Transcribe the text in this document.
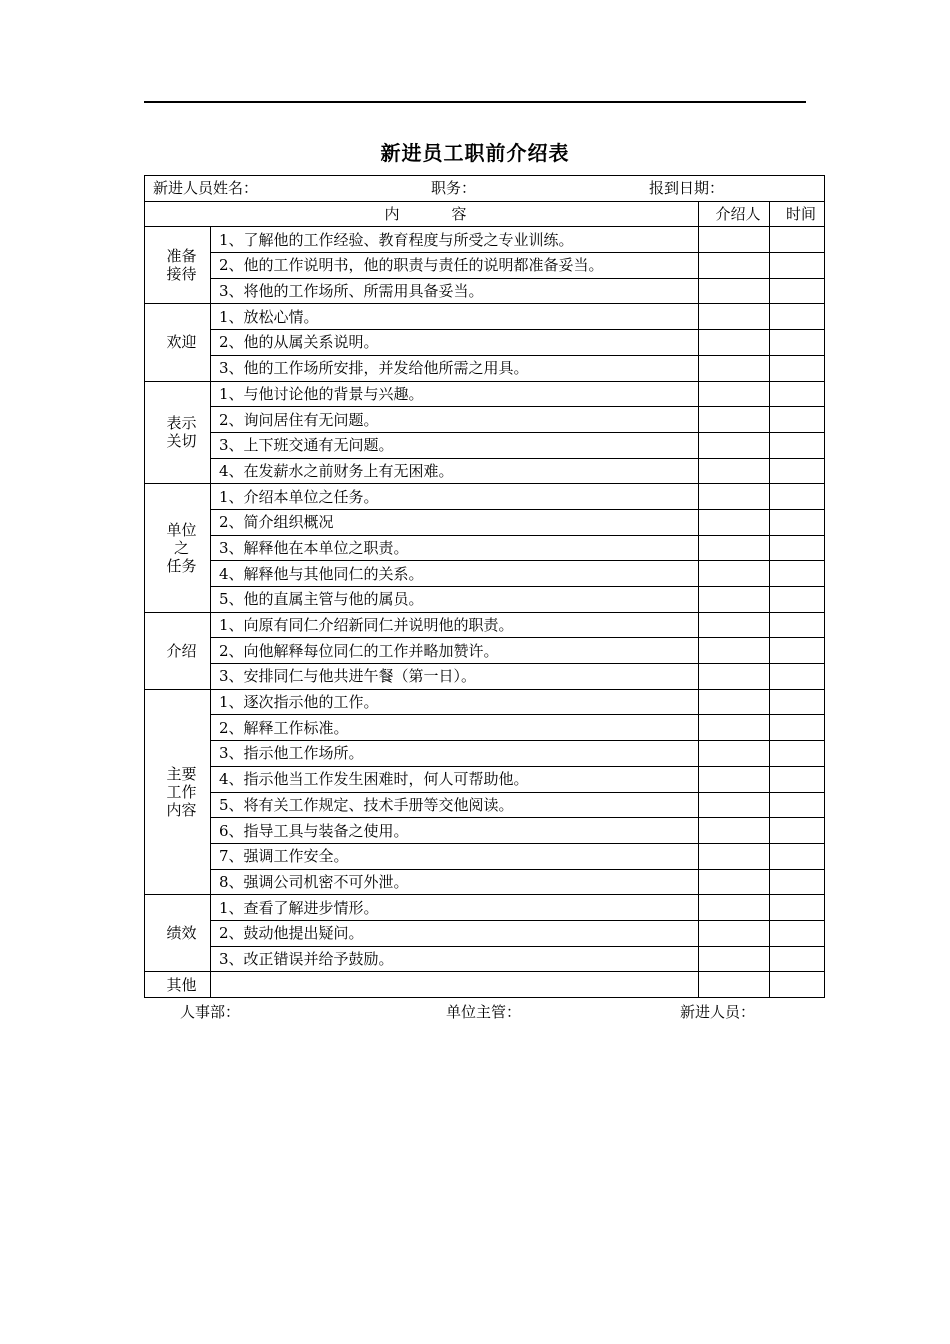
新进员工职前介绍表
新进人员姓名： 职务： 报到日期：			

内 容		介绍人	时间
准备
接待	1、了解他的工作经验、教育程度与所受之专业训练。		
	2、他的工作说明书，他的职责与责任的说明都准备妥当。		
	3、将他的工作场所、所需用具备妥当。		
欢迎	1、放松心情。		
	2、他的从属关系说明。		
	3、他的工作场所安排，并发给他所需之用具。		
表示
关切	1、与他讨论他的背景与兴趣。		
	2、询问居住有无问题。		
	3、上下班交通有无问题。		
	4、在发薪水之前财务上有无困难。		
单位
之
任务	1、介绍本单位之任务。		
	2、简介组织概况		
	3、解释他在本单位之职责。		
	4、解释他与其他同仁的关系。		
	5、他的直属主管与他的属员。		
介绍	1、向原有同仁介绍新同仁并说明他的职责。		
	2、向他解释每位同仁的工作并略加赞许。		
	3、安排同仁与他共进午餐（第一日）。		
主要
工作
内容	1、逐次指示他的工作。		
	2、解释工作标准。		
	3、指示他工作场所。		
	4、指示他当工作发生困难时，何人可帮助他。		
	5、将有关工作规定、技术手册等交他阅读。		
	6、指导工具与装备之使用。		
	7、强调工作安全。		
	8、强调公司机密不可外泄。		
绩效	1、查看了解进步情形。		
	2、鼓动他提出疑问。		
	3、改正错误并给予鼓励。		
其他			
人事部：	单位主管：	新进人员：
